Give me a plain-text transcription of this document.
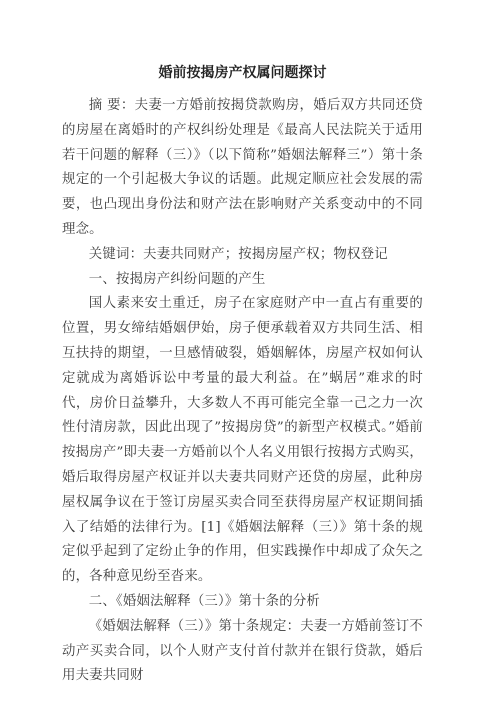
婚前按揭房产权属问题探讨

摘 要：夫妻一方婚前按揭贷款购房，婚后双方共同还贷的房屋在离婚时的产权纠纷处理是《最高人民法院关于适用若干问题的解释（三）》（以下简称”婚姻法解释三”）第十条规定的一个引起极大争议的话题。此规定顺应社会发展的需要，也凸现出身份法和财产法在影响财产关系变动中的不同理念。

关键词：夫妻共同财产；按揭房屋产权；物权登记

一、按揭房产纠纷问题的产生

国人素来安土重迁，房子在家庭财产中一直占有重要的位置，男女缔结婚姻伊始，房子便承载着双方共同生活、相互扶持的期望，一旦感情破裂，婚姻解体，房屋产权如何认定就成为离婚诉讼中考量的最大利益。在”蜗居”难求的时代，房价日益攀升，大多数人不再可能完全靠一己之力一次性付清房款，因此出现了”按揭房贷”的新型产权模式。”婚前按揭房产”即夫妻一方婚前以个人名义用银行按揭方式购买，婚后取得房屋产权证并以夫妻共同财产还贷的房屋，此种房屋权属争议在于签订房屋买卖合同至获得房屋产权证期间插入了结婚的法律行为。[1]《婚姻法解释（三）》第十条的规定似乎起到了定纷止争的作用，但实践操作中却成了众矢之的，各种意见纷至沓来。

二、《婚姻法解释（三）》第十条的分析

《婚姻法解释（三）》第十条规定：夫妻一方婚前签订不动产买卖合同，以个人财产支付首付款并在银行贷款，婚后用夫妻共同财
